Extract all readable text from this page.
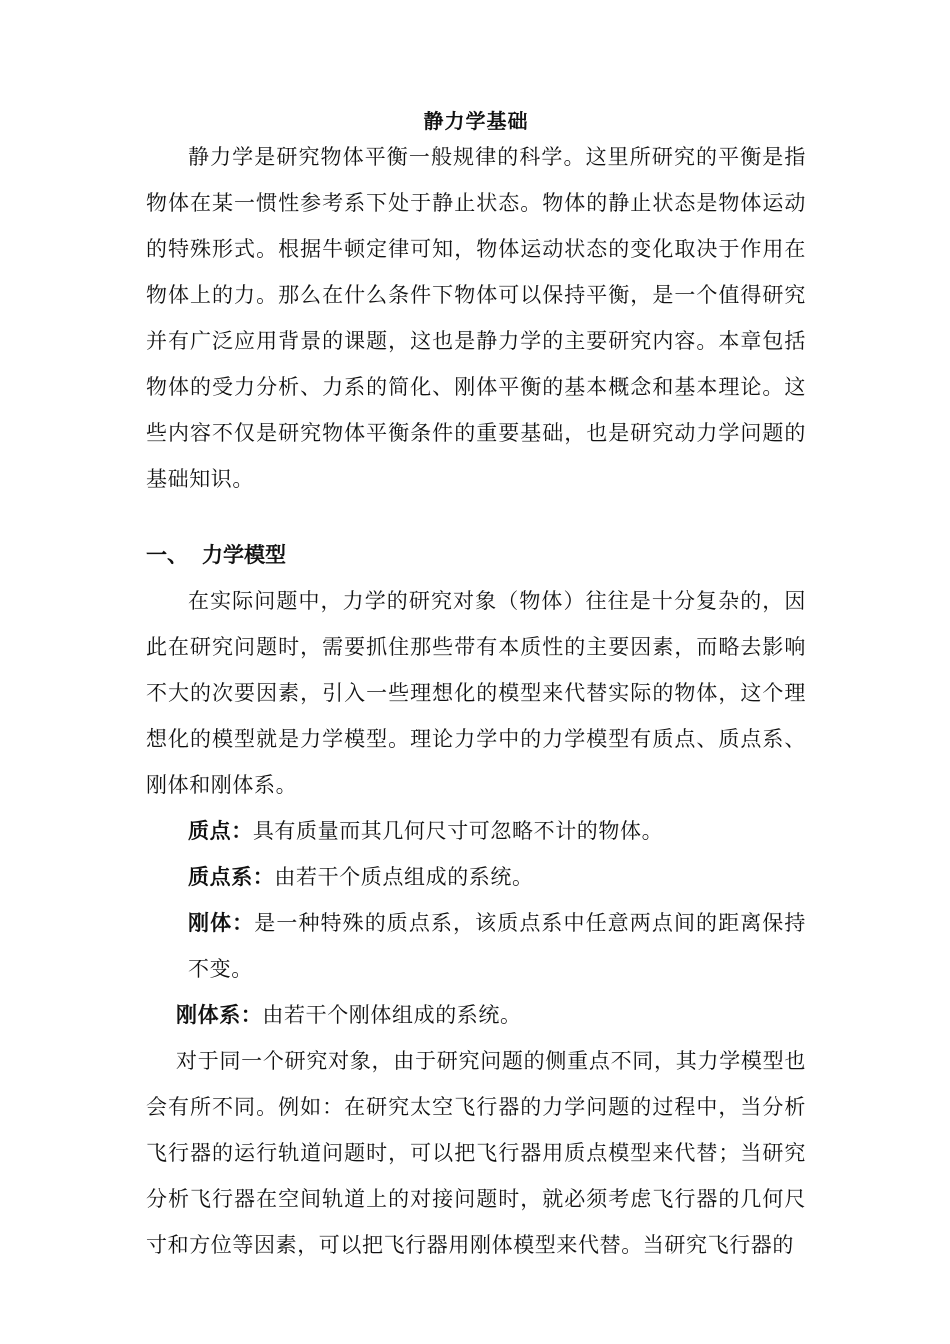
静力学基础

静力学是研究物体平衡一般规律的科学。这里所研究的平衡是指物体在某一惯性参考系下处于静止状态。物体的静止状态是物体运动的特殊形式。根据牛顿定律可知，物体运动状态的变化取决于作用在物体上的力。那么在什么条件下物体可以保持平衡，是一个值得研究并有广泛应用背景的课题，这也是静力学的主要研究内容。本章包括物体的受力分析、力系的简化、刚体平衡的基本概念和基本理论。这些内容不仅是研究物体平衡条件的重要基础，也是研究动力学问题的基础知识。

一、 力学模型

在实际问题中，力学的研究对象（物体）往往是十分复杂的，因此在研究问题时，需要抓住那些带有本质性的主要因素，而略去影响不大的次要因素，引入一些理想化的模型来代替实际的物体，这个理想化的模型就是力学模型。理论力学中的力学模型有质点、质点系、刚体和刚体系。

质点：具有质量而其几何尺寸可忽略不计的物体。

质点系：由若干个质点组成的系统。

刚体：是一种特殊的质点系，该质点系中任意两点间的距离保持不变。

刚体系：由若干个刚体组成的系统。

对于同一个研究对象，由于研究问题的侧重点不同，其力学模型也会有所不同。例如：在研究太空飞行器的力学问题的过程中，当分析飞行器的运行轨道问题时，可以把飞行器用质点模型来代替；当研究分析飞行器在空间轨道上的对接问题时，就必须考虑飞行器的几何尺寸和方位等因素，可以把飞行器用刚体模型来代替。当研究飞行器的
